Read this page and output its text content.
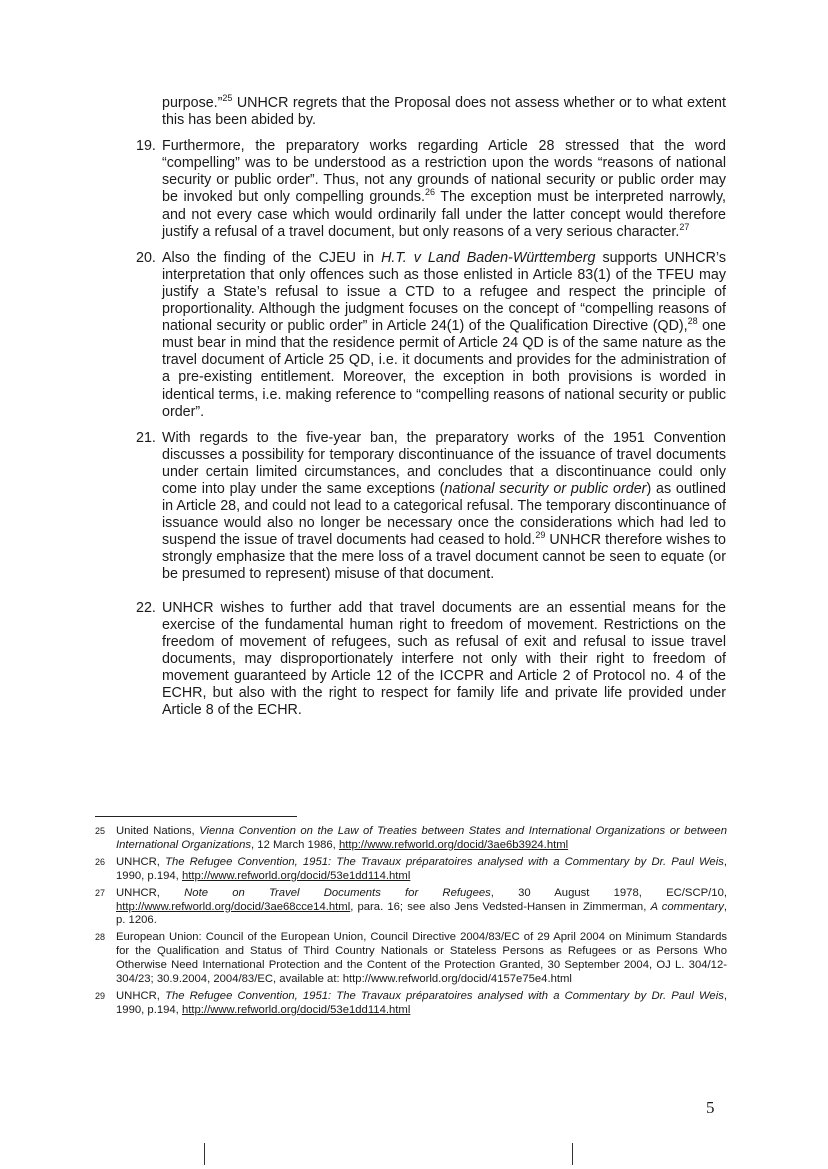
purpose.”$^{25}$ UNHCR regrets that the Proposal does not assess whether or to what extent this has been abided by.

19. Furthermore, the preparatory works regarding Article 28 stressed that the word “compelling” was to be understood as a restriction upon the words “reasons of national security or public order”. Thus, not any grounds of national security or public order may be invoked but only compelling grounds.$^{26}$ The exception must be interpreted narrowly, and not every case which would ordinarily fall under the latter concept would therefore justify a refusal of a travel document, but only reasons of a very serious character.$^{27}$
20. Also the finding of the CJEU in H.T. v Land Baden-Württemberg supports UNHCR’s interpretation that only offences such as those enlisted in Article 83(1) of the TFEU may justify a State’s refusal to issue a CTD to a refugee and respect the principle of proportionality. Although the judgment focuses on the concept of “compelling reasons of national security or public order” in Article 24(1) of the Qualification Directive (QD),$^{28}$ one must bear in mind that the residence permit of Article 24 QD is of the same nature as the travel document of Article 25 QD, i.e. it documents and provides for the administration of a pre-existing entitlement. Moreover, the exception in both provisions is worded in identical terms, i.e. making reference to “compelling reasons of national security or public order”.
21. With regards to the five-year ban, the preparatory works of the 1951 Convention discusses a possibility for temporary discontinuance of the issuance of travel documents under certain limited circumstances, and concludes that a discontinuance could only come into play under the same exceptions (national security or public order) as outlined in Article 28, and could not lead to a categorical refusal. The temporary discontinuance of issuance would also no longer be necessary once the considerations which had led to suspend the issue of travel documents had ceased to hold.$^{29}$ UNHCR therefore wishes to strongly emphasize that the mere loss of a travel document cannot be seen to equate (or be presumed to represent) misuse of that document.
22. UNHCR wishes to further add that travel documents are an essential means for the exercise of the fundamental human right to freedom of movement. Restrictions on the freedom of movement of refugees, such as refusal of exit and refusal to issue travel documents, may disproportionately interfere not only with their right to freedom of movement guaranteed by Article 12 of the ICCPR and Article 2 of Protocol no. 4 of the ECHR, but also with the right to respect for family life and private life provided under Article 8 of the ECHR.
25 United Nations, Vienna Convention on the Law of Treaties between States and International Organizations or between International Organizations, 12 March 1986, http://www.refworld.org/docid/3ae6b3924.html
26 UNHCR, The Refugee Convention, 1951: The Travaux préparatoires analysed with a Commentary by Dr. Paul Weis, 1990, p.194, http://www.refworld.org/docid/53e1dd114.html
27 UNHCR, Note on Travel Documents for Refugees, 30 August 1978, EC/SCP/10, http://www.refworld.org/docid/3ae68cce14.html, para. 16; see also Jens Vedsted-Hansen in Zimmerman, A commentary, p. 1206.
28 European Union: Council of the European Union, Council Directive 2004/83/EC of 29 April 2004 on Minimum Standards for the Qualification and Status of Third Country Nationals or Stateless Persons as Refugees or as Persons Who Otherwise Need International Protection and the Content of the Protection Granted, 30 September 2004, OJ L. 304/12-304/23; 30.9.2004, 2004/83/EC, available at: http://www.refworld.org/docid/4157e75e4.html
29 UNHCR, The Refugee Convention, 1951: The Travaux préparatoires analysed with a Commentary by Dr. Paul Weis, 1990, p.194, http://www.refworld.org/docid/53e1dd114.html
5
